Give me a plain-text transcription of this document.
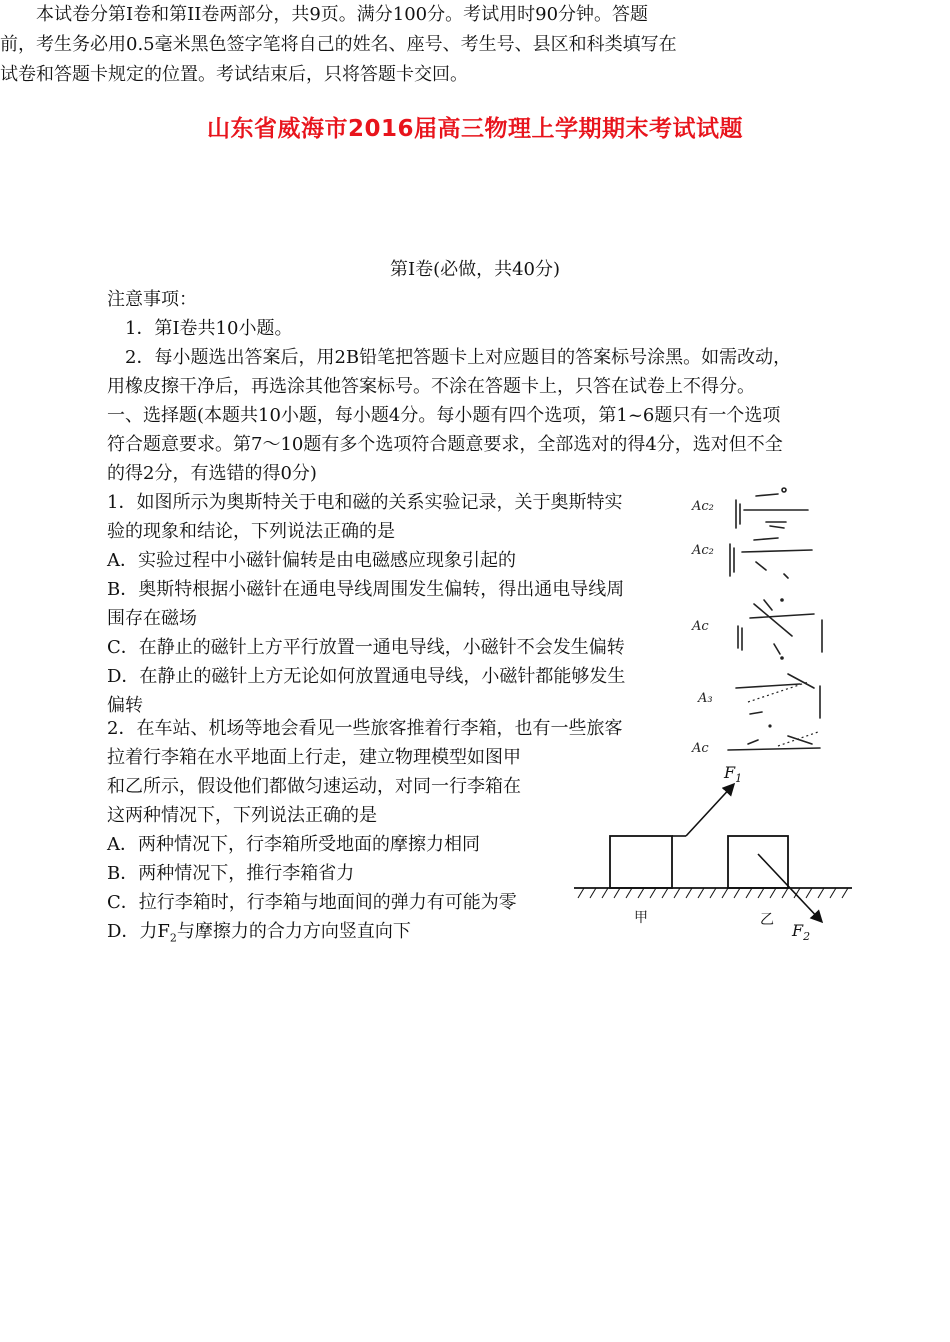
山东省威海市2016届高三物理上学期期末考试试题

　　本试卷分第Ⅰ卷和第II卷两部分，共9页。满分100分。考试用时90分钟。答题

前，考生务必用0.5毫米黑色签字笔将自己的姓名、座号、考生号、县区和科类填写在

试卷和答题卡规定的位置。考试结束后，只将答题卡交回。

第Ⅰ卷(必做，共40分)
注意事项：
1．第Ⅰ卷共10小题。
2．每小题选出答案后，用2B铅笔把答题卡上对应题目的答案标号涂黑。如需改动，
用橡皮擦干净后，再选涂其他答案标号。不涂在答题卡上，只答在试卷上不得分。
一、选择题(本题共10小题，每小题4分。每小题有四个选项，第1~6题只有一个选项
符合题意要求。第7～10题有多个选项符合题意要求，全部选对的得4分，选对但不全
的得2分，有选错的得0分)
1．如图所示为奥斯特关于电和磁的关系实验记录，关于奥斯特实
验的现象和结论，下列说法正确的是
A．实验过程中小磁针偏转是由电磁感应现象引起的
B．奥斯特根据小磁针在通电导线周围发生偏转，得出通电导线周
围存在磁场
C．在静止的磁针上方平行放置一通电导线，小磁针不会发生偏转
D．在静止的磁针上方无论如何放置通电导线，小磁针都能够发生
偏转
Ac₂
Ac₂
Ac
A₃
Ac
2．在车站、机场等地会看见一些旅客推着行李箱，也有一些旅客
拉着行李箱在水平地面上行走，建立物理模型如图甲
和乙所示，假设他们都做匀速运动，对同一行李箱在
这两种情况下，下列说法正确的是
A．两种情况下，行李箱所受地面的摩擦力相同
B．两种情况下，推行李箱省力
C．拉行李箱时，行李箱与地面间的弹力有可能为零
D．力$F_2$与摩擦力的合力方向竖直向下
$F_1$
$F_2$
甲	乙
